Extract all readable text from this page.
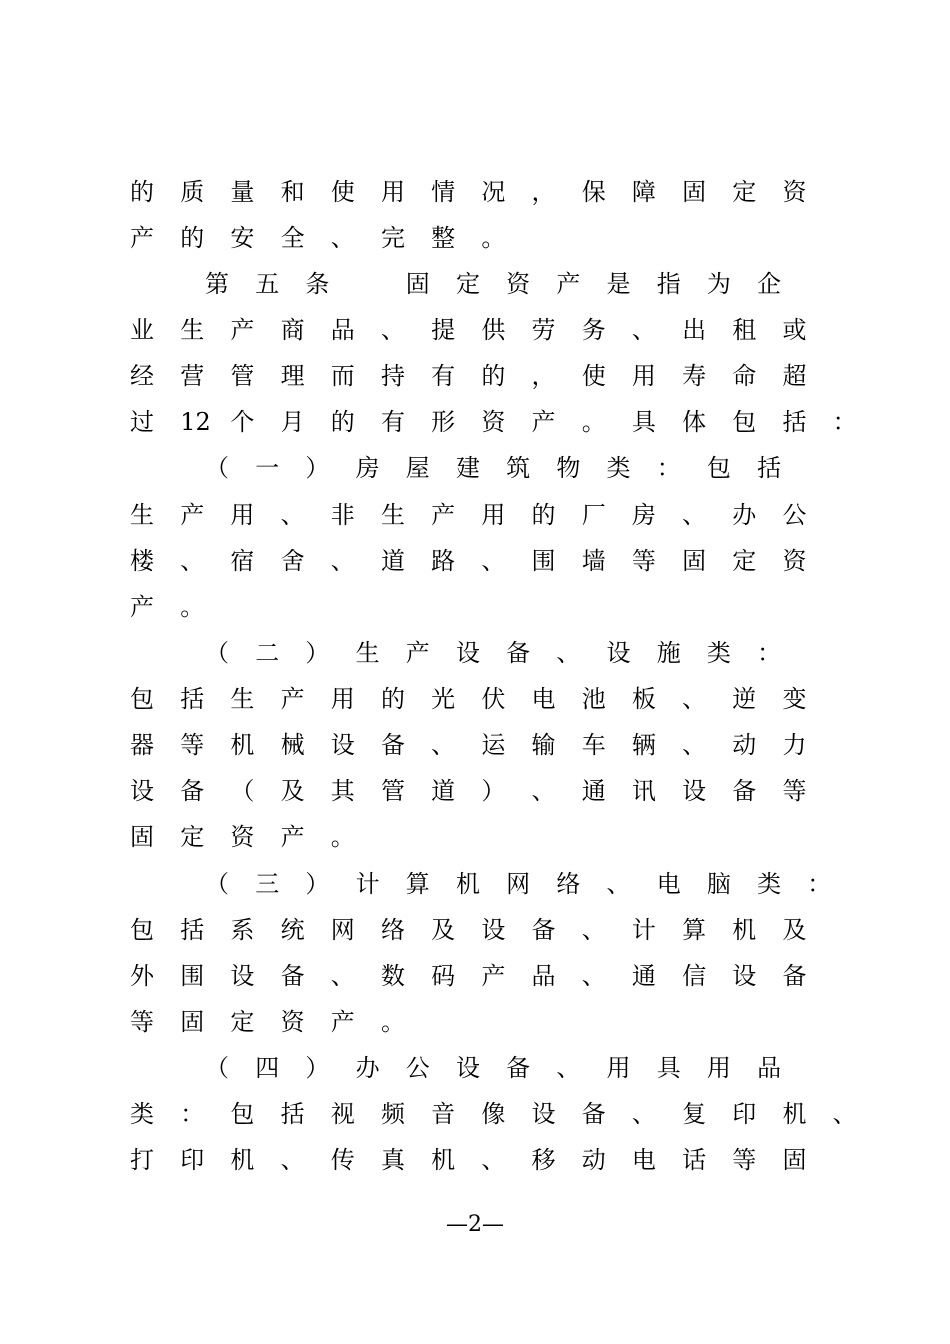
的	质	量	和	使	用	情	况	，	保	障	固	定	资
产	的	安	全	、	完	整	。
第	五	条	固	定	资	产	是	指	为	企
业	生	产	商	品	、	提	供	劳	务	、	出	租	或
经	营	管	理	而	持	有	的	，	使	用	寿	命	超
过	12 个	月	的	有	形	资	产	。	具	体	包	括	：
（	一	）	房	屋	建	筑	物	类	：	包	括
生	产	用	、	非	生	产	用	的	厂	房	、	办	公
楼	、	宿	舍	、	道	路	、	围	墙	等	固	定	资
产	。
（	二	）	生	产	设	备	、	设	施	类	：
包	括	生	产	用	的	光	伏	电	池	板	、	逆	变
器	等	机	械	设	备	、	运	输	车	辆	、	动	力
设	备	（	及	其	管	道	）	、	通	讯	设	备	等
固	定	资	产	。
（	三	）	计	算	机	网	络	、	电	脑	类	：
包	括	系	统	网	络	及	设	备	、	计	算	机	及
外	围	设	备	、	数	码	产	品	、	通	信	设	备
等	固	定	资	产	。
（	四	）	办	公	设	备	、	用	具	用	品
类	：	包	括	视	频	音	像	设	备	、	复	印	机	、
打	印	机	、	传	真	机	、	移	动	电	话	等	固
—2—
